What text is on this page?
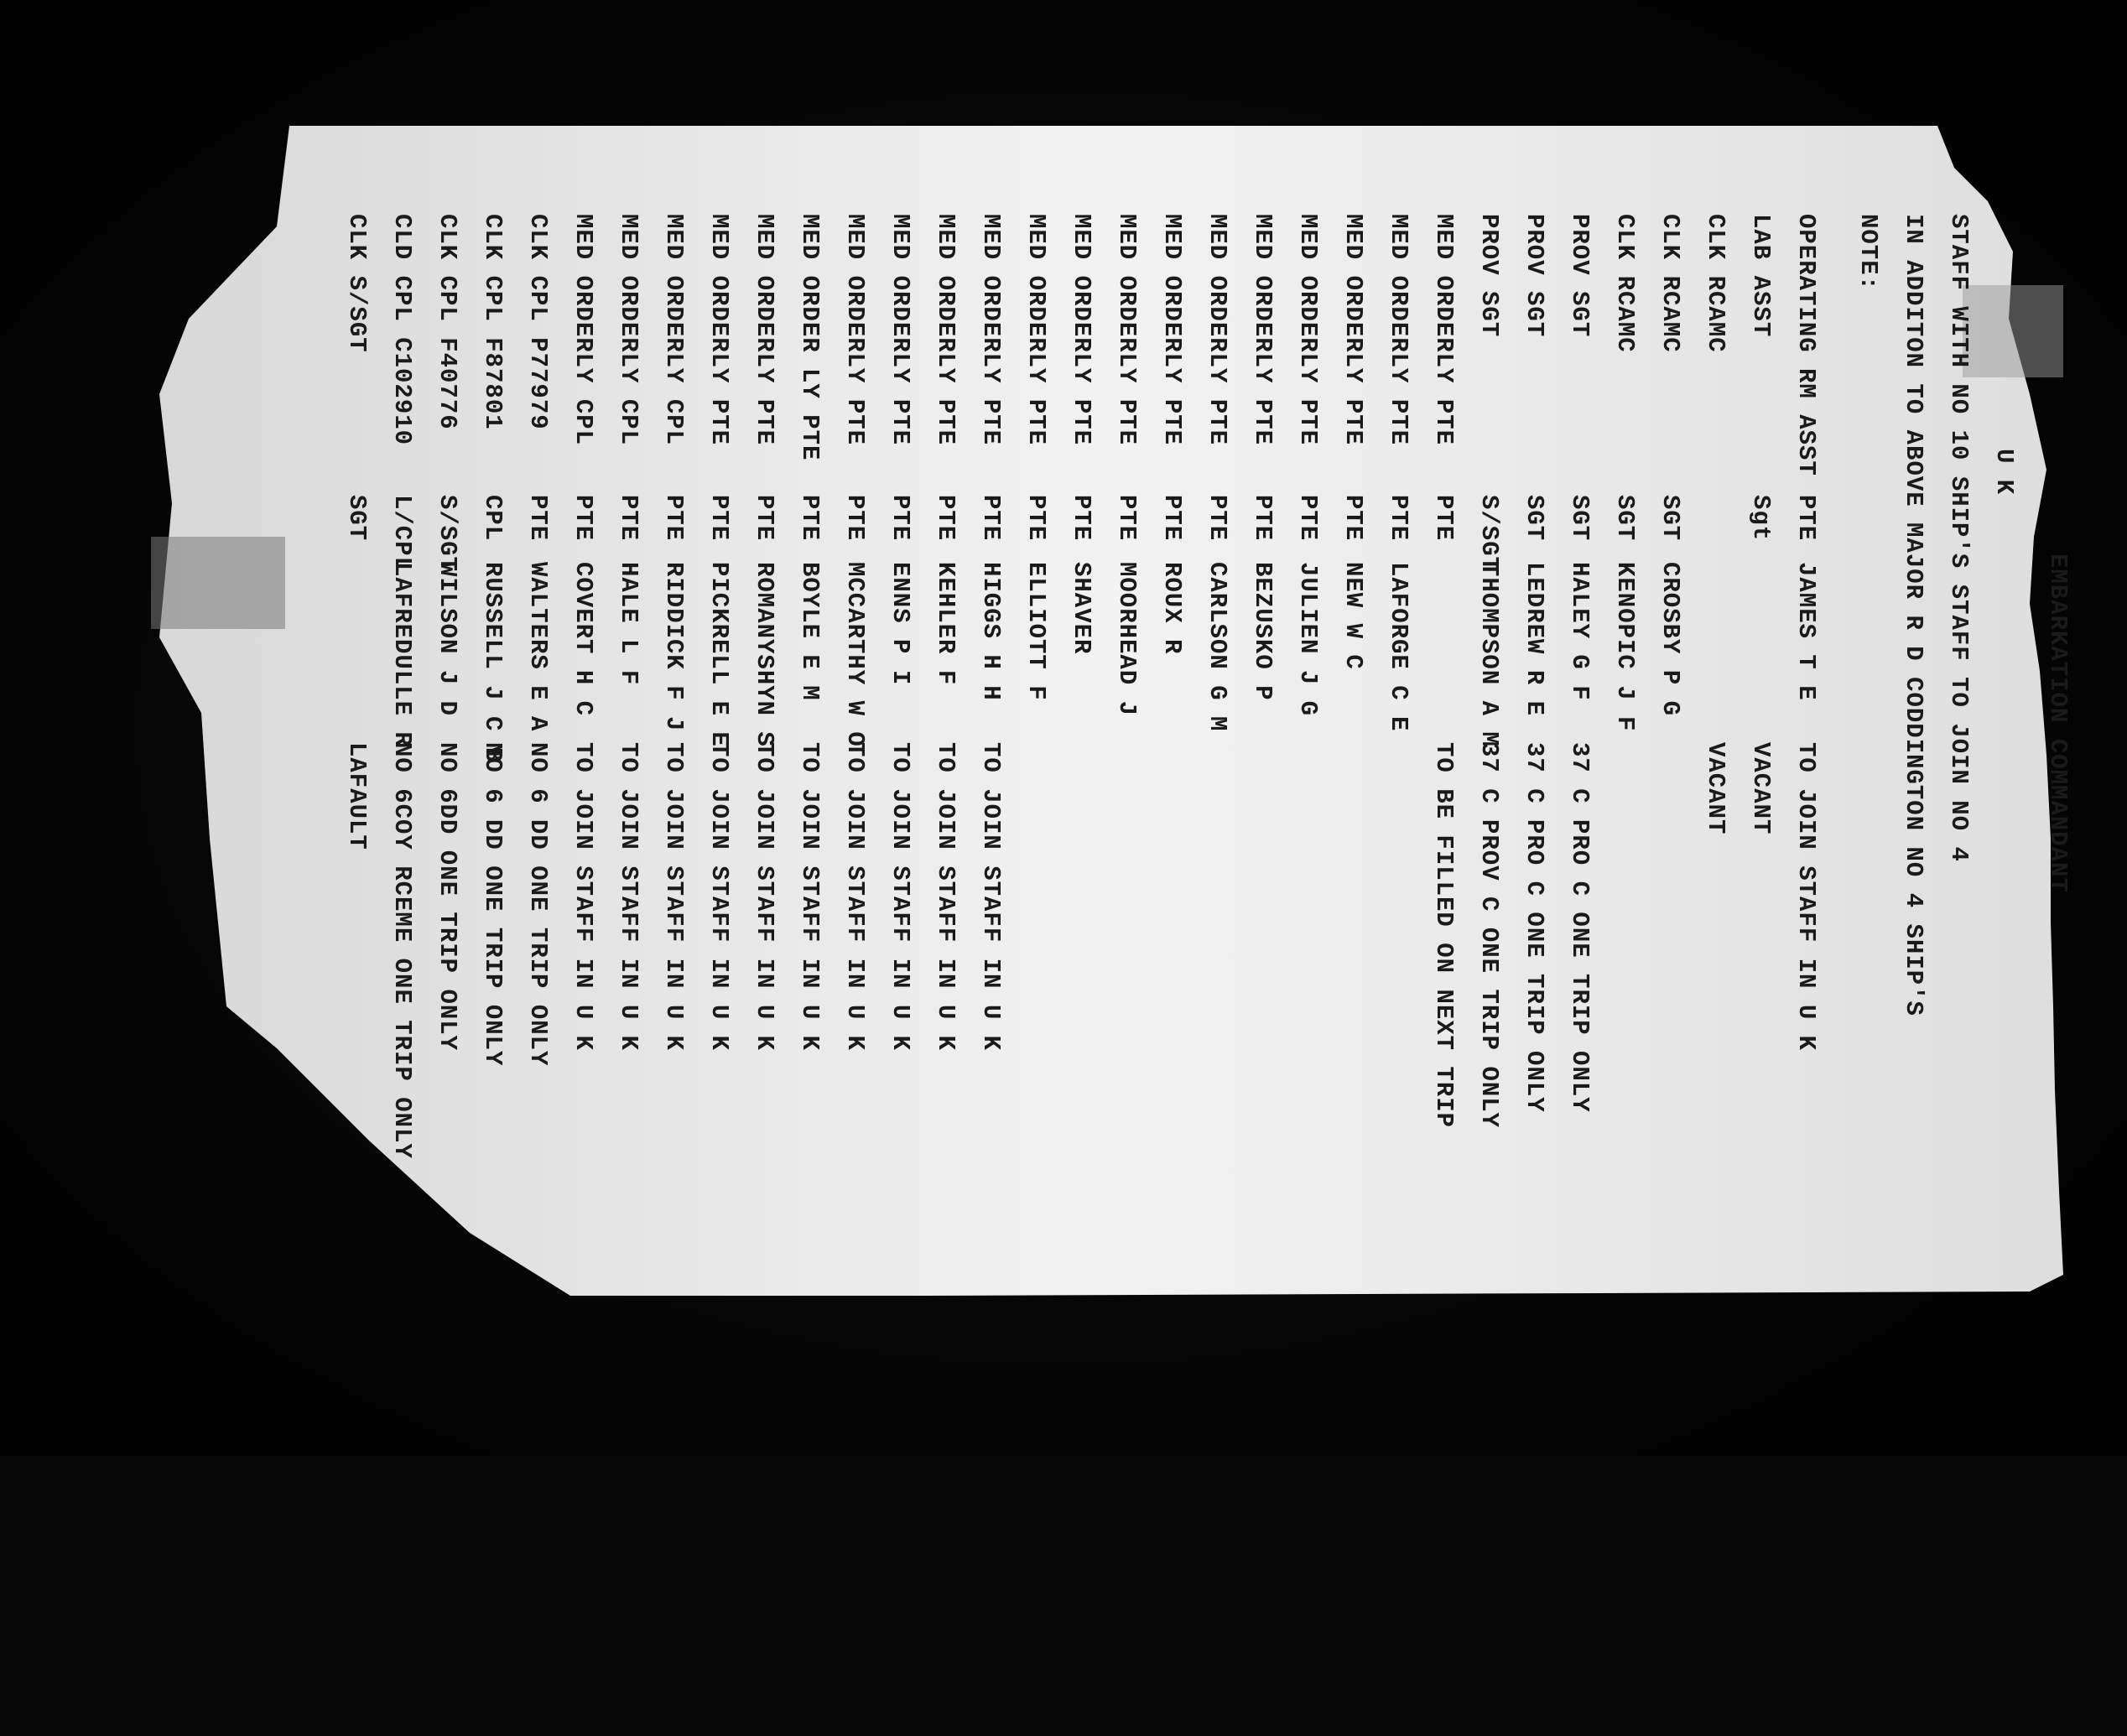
CLK S/SGT
SGT
LAFAULT
CLD CPL C102910
L/CPL
LAFREDULLE R
NO 6COY RCEME ONE TRIP ONLY
CLK CPL F40776
S/SGT
WILSON J D
NO 6DD ONE TRIP ONLY
CLK CPL F87801
CPL
RUSSELL J C B
NO 6 DD ONE TRIP ONLY
CLK CPL P77979
PTE
WALTERS E A
NO 6 DD ONE TRIP ONLY
MED ORDERLY CPL
PTE
COVERT H C
TO JOIN STAFF IN U K
MED ORDERLY CPL
PTE
HALE L F
TO JOIN STAFF IN U K
MED ORDERLY CPL
PTE
RIDDICK F J
TO JOIN STAFF IN U K
MED ORDERLY PTE
PTE
PICKRELL E E
TO JOIN STAFF IN U K
MED ORDERLY PTE
PTE
ROMANYSHYN S
TO JOIN STAFF IN U K
MED ORDER LY PTE
PTE
BOYLE E M
TO JOIN STAFF IN U K
MED ORDERLY PTE
PTE
MCCARTHY W O
TO JOIN STAFF IN U K
MED ORDERLY PTE
PTE
ENNS P I
TO JOIN STAFF IN U K
MED ORDERLY PTE
PTE
KEHLER F
TO JOIN STAFF IN U K
MED ORDERLY PTE
PTE
HIGGS H H
TO JOIN STAFF IN U K
MED ORDERLY PTE
PTE
ELLIOTT F
MED ORDERLY PTE
PTE
SHAVER
MED ORDERLY PTE
PTE
MOORHEAD J
MED ORDERLY PTE
PTE
ROUX R
MED ORDERLY PTE
PTE
CARLSON G M
MED ORDERLY PTE
PTE
BEZUSKO P
MED ORDERLY PTE
PTE
JULIEN J G
MED ORDERLY PTE
PTE
NEW W C
MED ORDERLY PTE
PTE
LAFORGE C E
MED ORDERLY PTE
PTE
TO BE FILLED ON NEXT TRIP
PROV SGT
S/SGT
THOMPSON A M
37 C PROV C ONE TRIP ONLY
PROV SGT
SGT
LEDREW R E
37 C PRO C ONE TRIP ONLY
PROV SGT
SGT
HALEY G F
37 C PRO C ONE TRIP ONLY
CLK RCAMC
SGT
KENOPIC J F
CLK RCAMC
SGT
CROSBY P G
CLK RCAMC
VACANT
LAB ASST
Sgt
VACANT
OPERATING RM ASST
PTE
JAMES T E
TO JOIN STAFF IN U K
NOTE: IN ADDITON TO ABOVE MAJOR R D CODDINGTON NO 4 SHIP'S STAFF WITH NO 10 SHIP'S STAFF TO JOIN NO 4 U K
EMBARKATION COMMANDANT
